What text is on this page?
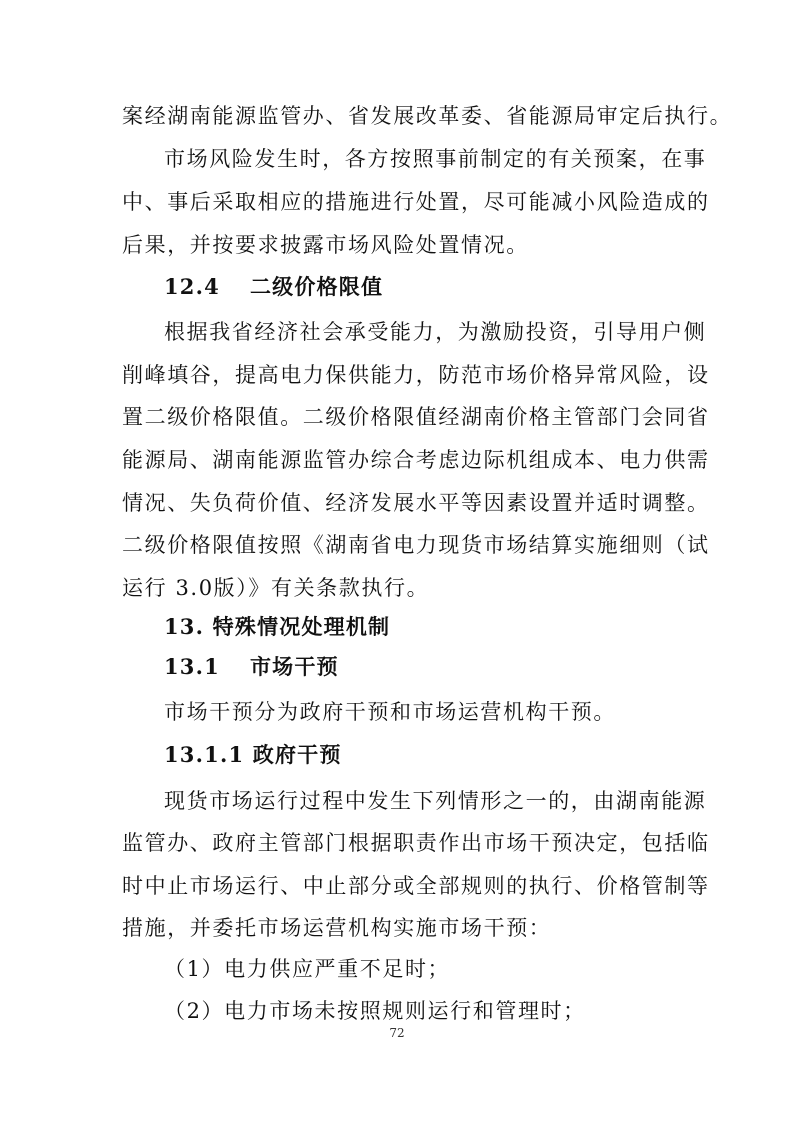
案经湖南能源监管办、省发展改革委、省能源局审定后执行。
市场风险发生时，各方按照事前制定的有关预案，在事
中、事后采取相应的措施进行处置，尽可能减小风险造成的
后果，并按要求披露市场风险处置情况。
12.4 二级价格限值
根据我省经济社会承受能力，为激励投资，引导用户侧
削峰填谷，提高电力保供能力，防范市场价格异常风险，设
置二级价格限值。二级价格限值经湖南价格主管部门会同省
能源局、湖南能源监管办综合考虑边际机组成本、电力供需
情况、失负荷价值、经济发展水平等因素设置并适时调整。
二级价格限值按照《湖南省电力现货市场结算实施细则（试
运行 3.0版）》有关条款执行。
13. 特殊情况处理机制
13.1 市场干预
市场干预分为政府干预和市场运营机构干预。
13.1.1 政府干预
现货市场运行过程中发生下列情形之一的，由湖南能源
监管办、政府主管部门根据职责作出市场干预决定，包括临
时中止市场运行、中止部分或全部规则的执行、价格管制等
措施，并委托市场运营机构实施市场干预：
（1）电力供应严重不足时；
（2）电力市场未按照规则运行和管理时；
72
